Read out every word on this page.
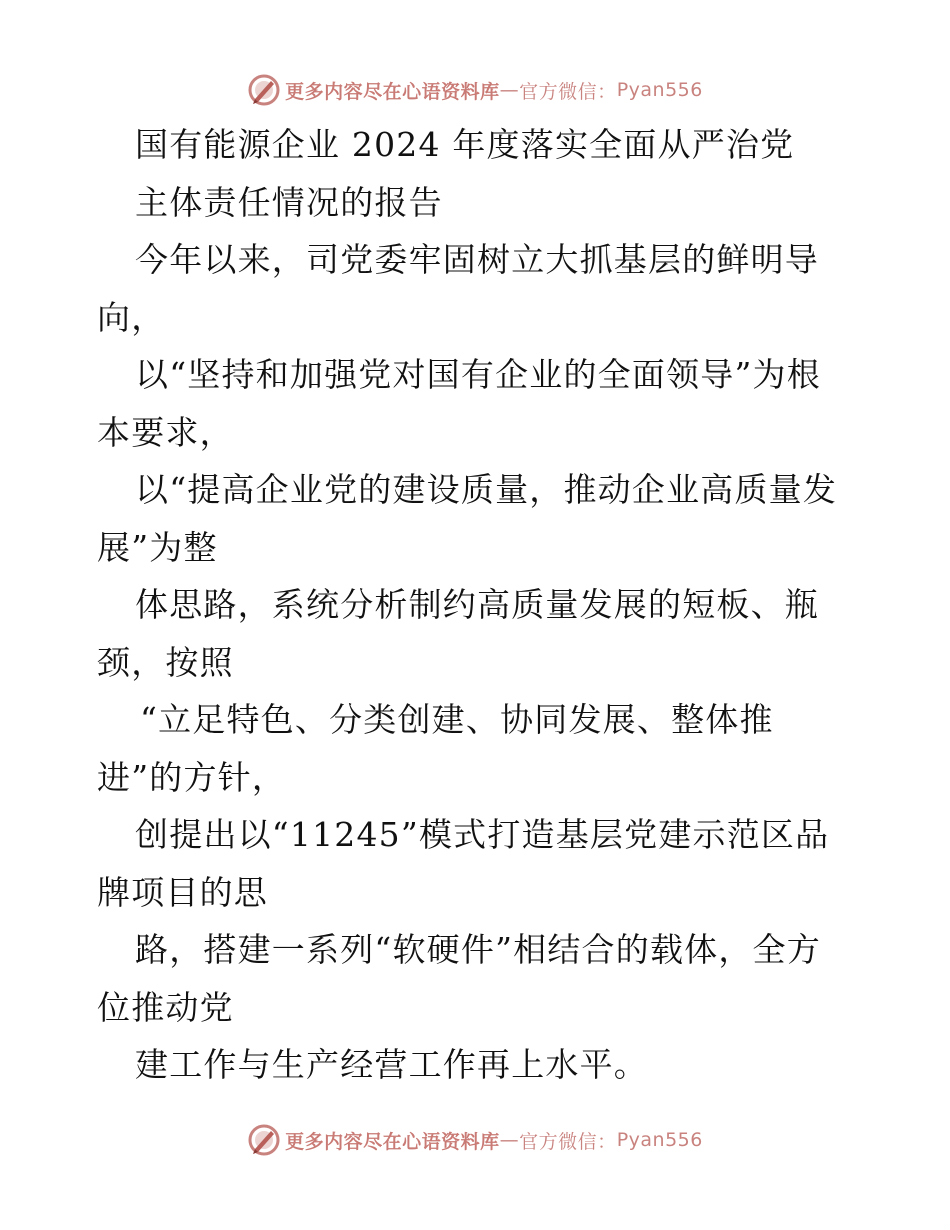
更多内容尽在心语资料库 — 官方微信： Pyan556
国有能源企业 2024 年度落实全面从严治党
主体责任情况的报告
今年以来，司党委牢固树立大抓基层的鲜明导
向，
以“坚持和加强党对国有企业的全面领导”为根
本要求，
以“提高企业党的建设质量，推动企业高质量发
展”为整
体思路，系统分析制约高质量发展的短板、瓶
颈，按照
“立足特色、分类创建、协同发展、整体推
进”的方针，
创提出以“11245”模式打造基层党建示范区品
牌项目的思
路，搭建一系列“软硬件”相结合的载体，全方
位推动党
建工作与生产经营工作再上水平。
更多内容尽在心语资料库 — 官方微信： Pyan556
